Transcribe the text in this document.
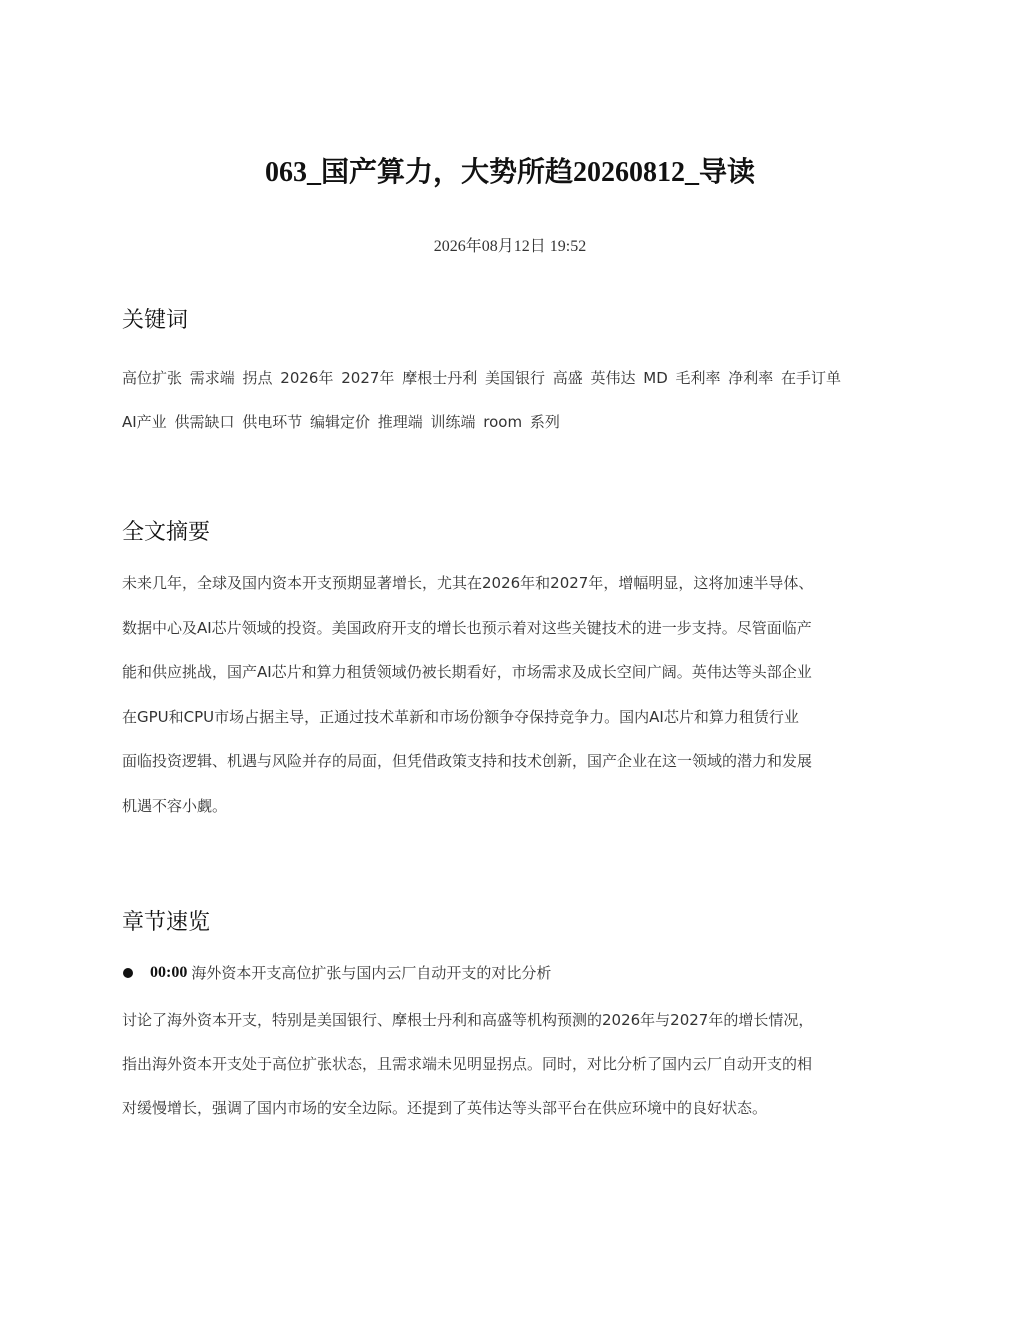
063_国产算力，大势所趋20260812_导读

2026年08月12日 19:52

关键词

高位扩张 需求端 拐点 2026年 2027年 摩根士丹利 美国银行 高盛 英伟达 MD 毛利率 净利率 在手订单
AI产业 供需缺口 供电环节 编辑定价 推理端 训练端 room 系列

全文摘要

未来几年，全球及国内资本开支预期显著增长，尤其在2026年和2027年，增幅明显，这将加速半导体、
数据中心及AI芯片领域的投资。美国政府开支的增长也预示着对这些关键技术的进一步支持。尽管面临产
能和供应挑战，国产AI芯片和算力租赁领域仍被长期看好，市场需求及成长空间广阔。英伟达等头部企业
在GPU和CPU市场占据主导，正通过技术革新和市场份额争夺保持竞争力。国内AI芯片和算力租赁行业
面临投资逻辑、机遇与风险并存的局面，但凭借政策支持和技术创新，国产企业在这一领域的潜力和发展
机遇不容小觑。

章节速览
00:00 海外资本开支高位扩张与国内云厂自动开支的对比分析

讨论了海外资本开支，特别是美国银行、摩根士丹利和高盛等机构预测的2026年与2027年的增长情况，
指出海外资本开支处于高位扩张状态，且需求端未见明显拐点。同时，对比分析了国内云厂自动开支的相
对缓慢增长，强调了国内市场的安全边际。还提到了英伟达等头部平台在供应环境中的良好状态。
